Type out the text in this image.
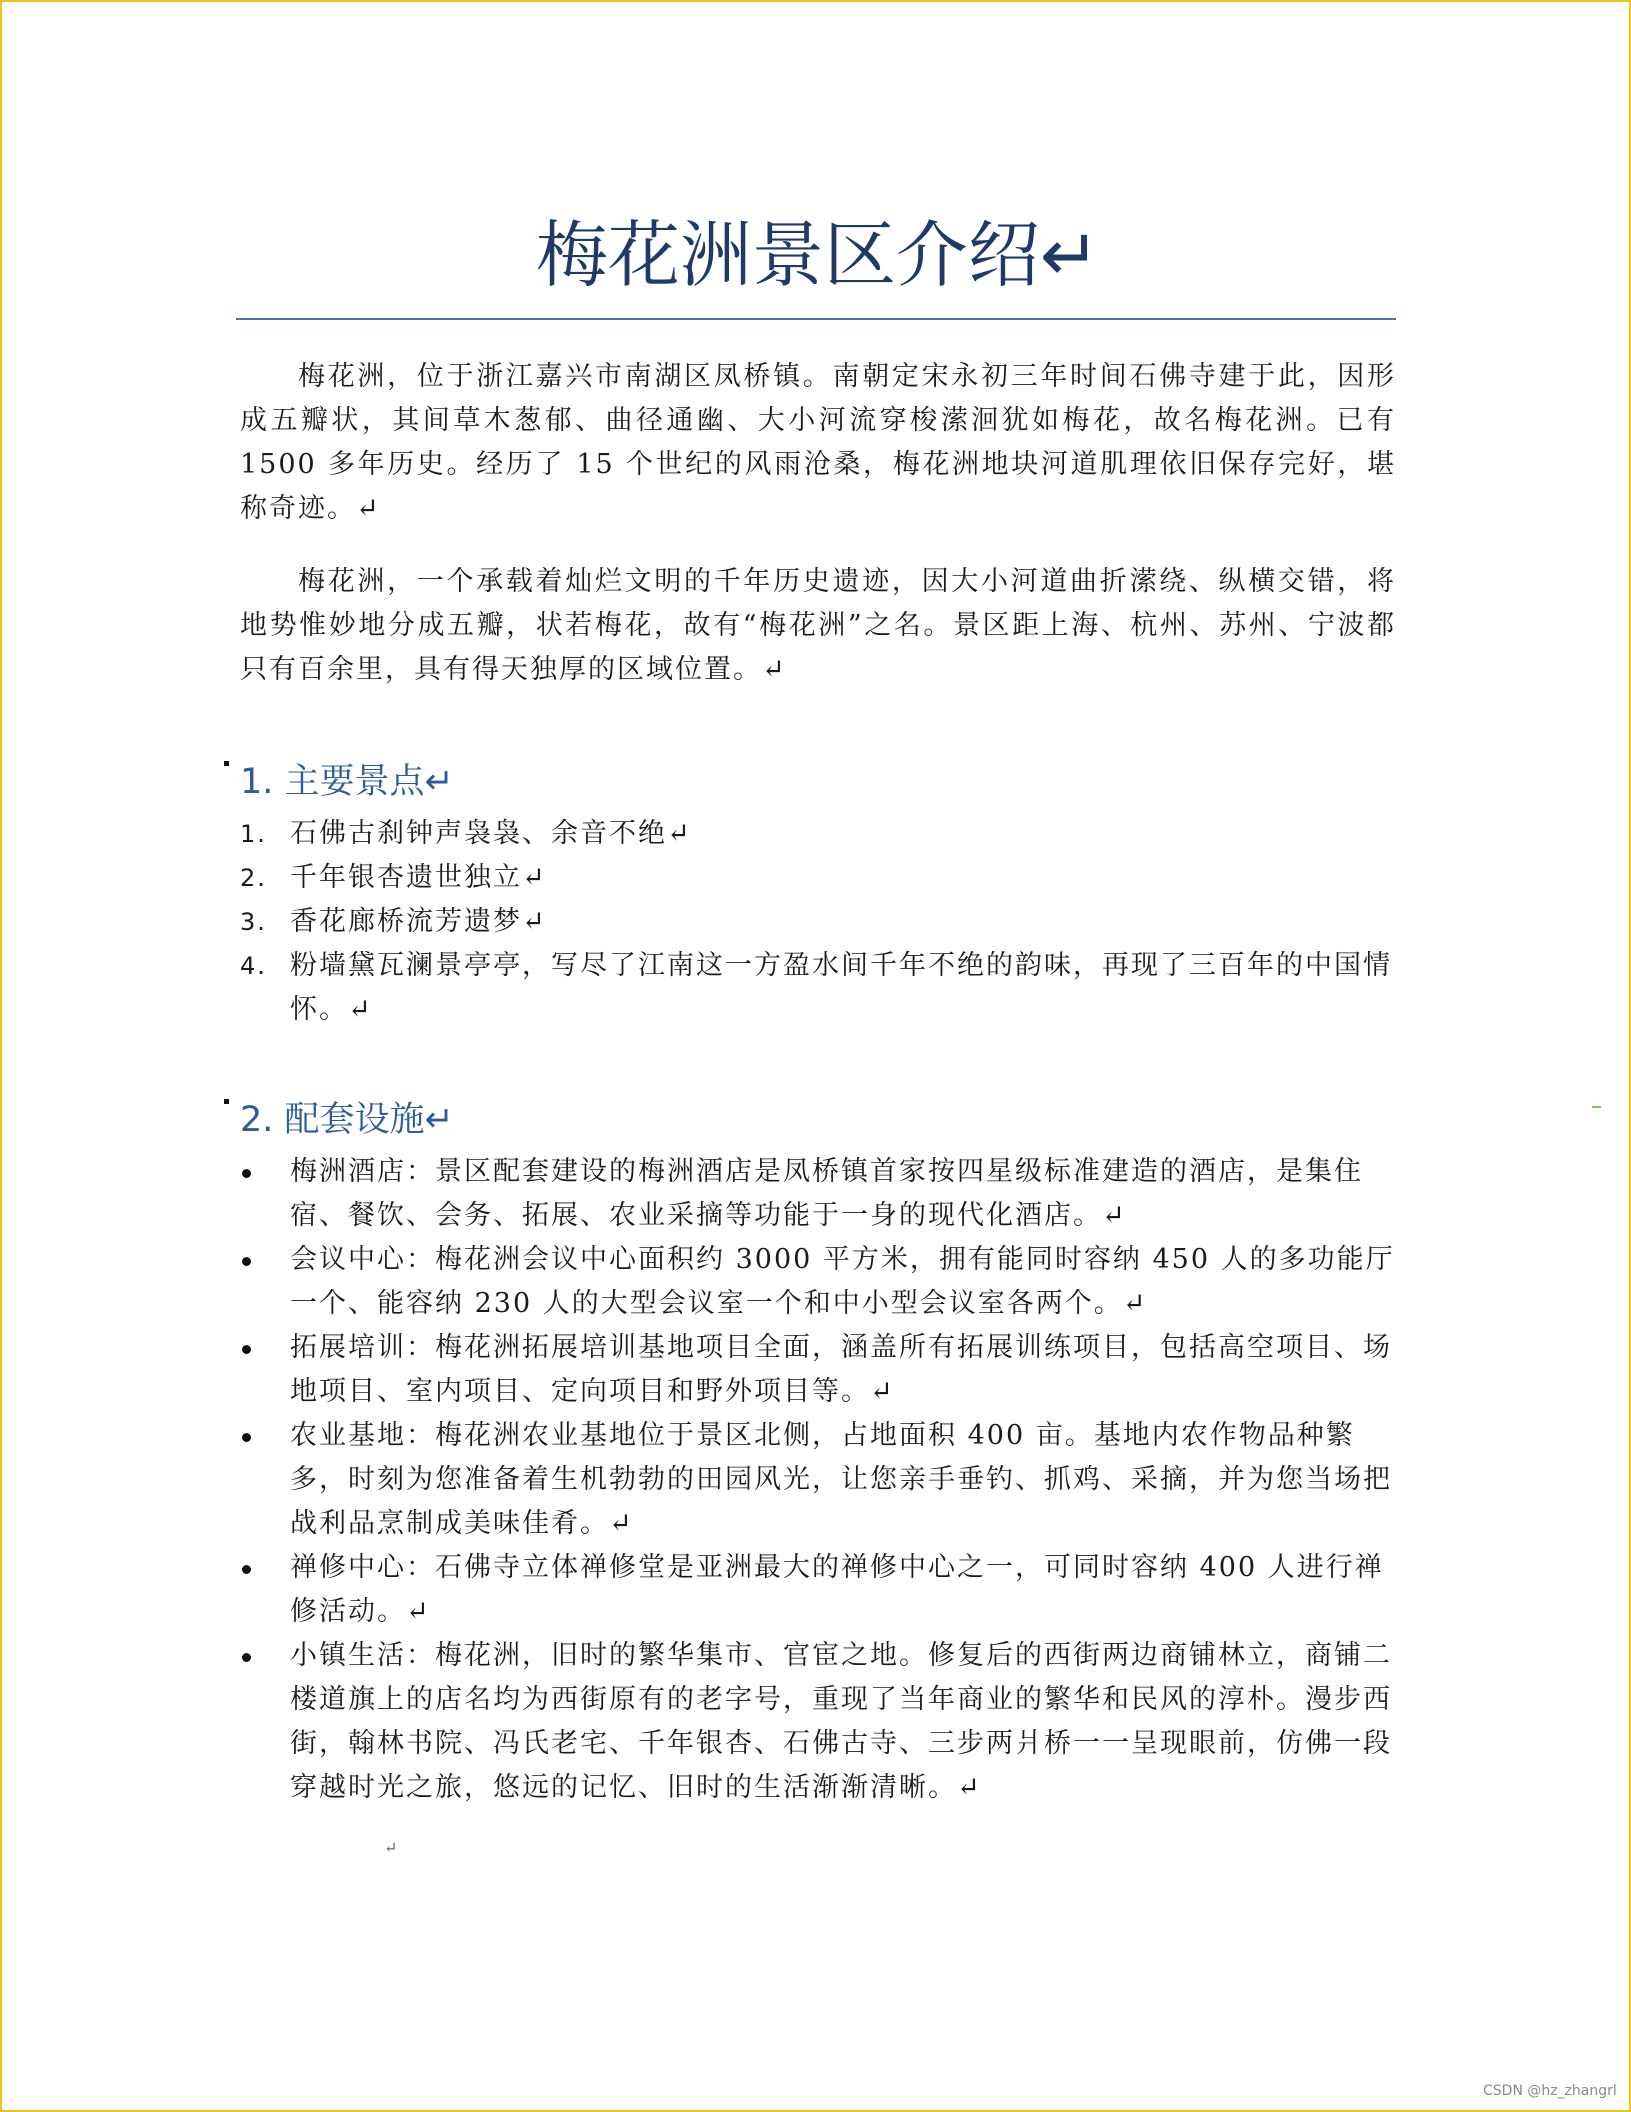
梅花洲景区介绍↵

梅花洲，位于浙江嘉兴市南湖区凤桥镇。南朝定宋永初三年时间石佛寺建于此，因形成五瓣状，其间草木葱郁、曲径通幽、大小河流穿梭潆洄犹如梅花，故名梅花洲。已有 1500 多年历史。经历了 15 个世纪的风雨沧桑，梅花洲地块河道肌理依旧保存完好，堪称奇迹。↵

梅花洲，一个承载着灿烂文明的千年历史遗迹，因大小河道曲折潆绕、纵横交错，将地势惟妙地分成五瓣，状若梅花，故有“梅花洲”之名。景区距上海、杭州、苏州、宁波都只有百余里，具有得天独厚的区域位置。↵

1. 主要景点↵
1. 石佛古刹钟声袅袅、余音不绝↵
2. 千年银杏遗世独立↵
3. 香花廊桥流芳遗梦↵
4. 粉墙黛瓦澜景亭亭，写尽了江南这一方盈水间千年不绝的韵味，再现了三百年的中国情怀。↵
2. 配套设施↵
梅洲酒店：景区配套建设的梅洲酒店是凤桥镇首家按四星级标准建造的酒店，是集住宿、餐饮、会务、拓展、农业采摘等功能于一身的现代化酒店。↵
会议中心：梅花洲会议中心面积约 3000 平方米，拥有能同时容纳 450 人的多功能厅一个、能容纳 230 人的大型会议室一个和中小型会议室各两个。↵
拓展培训：梅花洲拓展培训基地项目全面，涵盖所有拓展训练项目，包括高空项目、场地项目、室内项目、定向项目和野外项目等。↵
农业基地：梅花洲农业基地位于景区北侧，占地面积 400 亩。基地内农作物品种繁多，时刻为您准备着生机勃勃的田园风光，让您亲手垂钓、抓鸡、采摘，并为您当场把战利品烹制成美味佳肴。↵
禅修中心：石佛寺立体禅修堂是亚洲最大的禅修中心之一，可同时容纳 400 人进行禅修活动。↵
小镇生活：梅花洲，旧时的繁华集市、官宦之地。修复后的西街两边商铺林立，商铺二楼道旗上的店名均为西街原有的老字号，重现了当年商业的繁华和民风的淳朴。漫步西街，翰林书院、冯氏老宅、千年银杏、石佛古寺、三步两爿桥一一呈现眼前，仿佛一段穿越时光之旅，悠远的记忆、旧时的生活渐渐清晰。↵
↵
CSDN @hz_zhangrl
